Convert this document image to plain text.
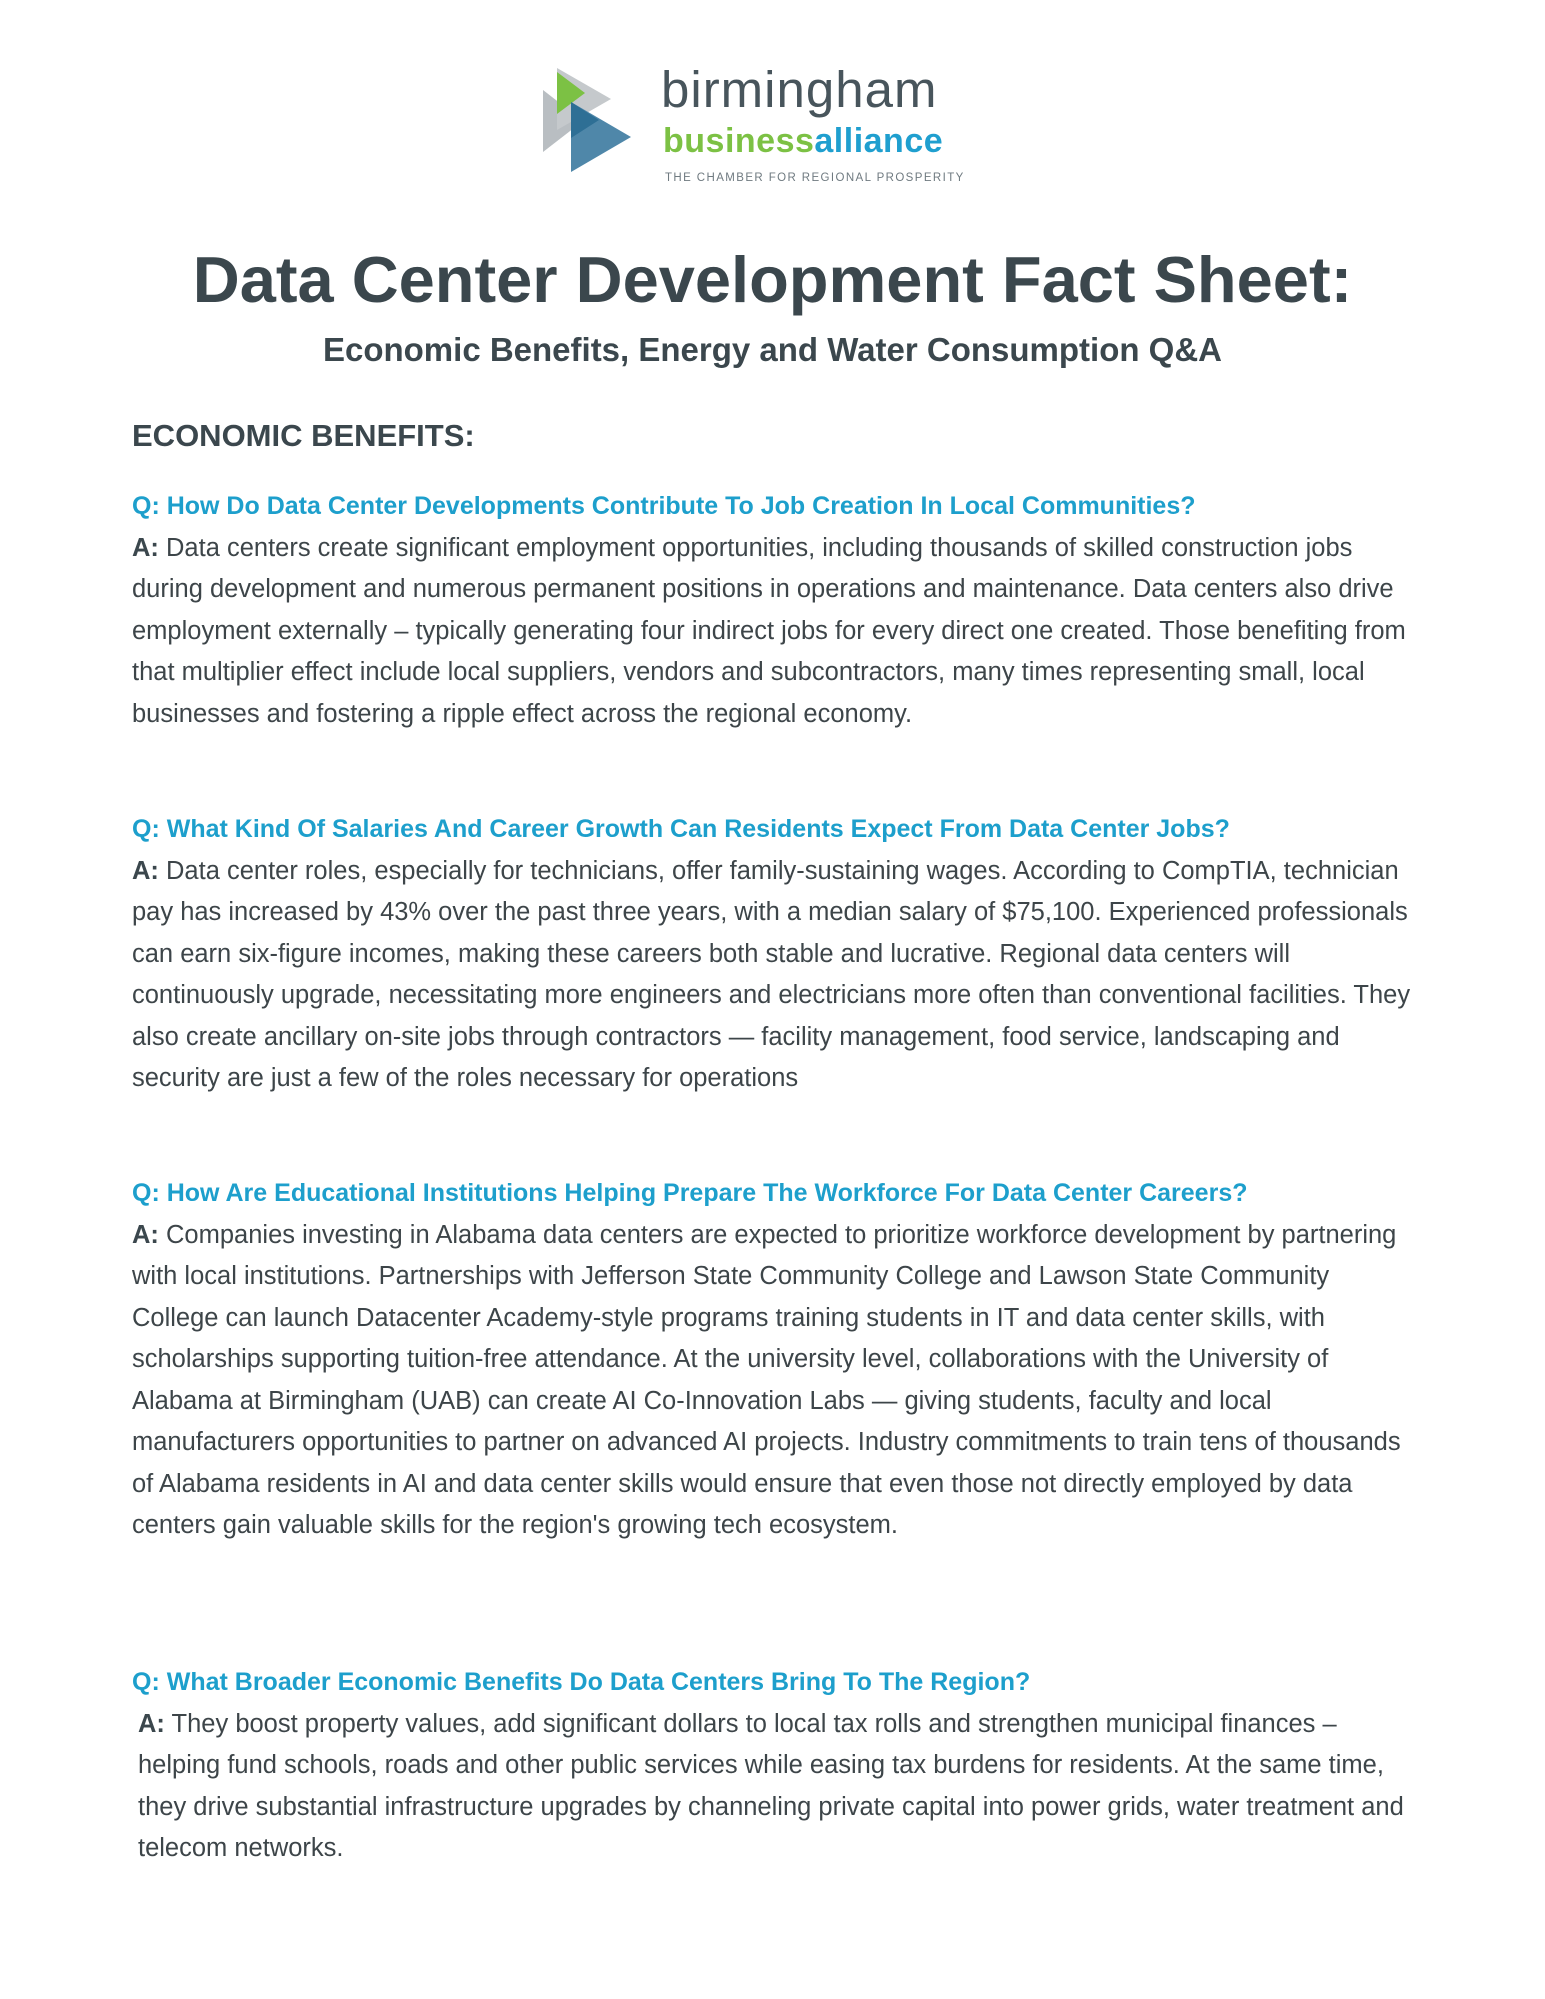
birmingham
businessalliance
THE CHAMBER FOR REGIONAL PROSPERITY
Data Center Development Fact Sheet:
Economic Benefits, Energy and Water Consumption Q&A
ECONOMIC BENEFITS:

Q: How Do Data Center Developments Contribute To Job Creation In Local Communities?

A: Data centers create significant employment opportunities, including thousands of skilled construction jobs during development and numerous permanent positions in operations and maintenance. Data centers also drive employment externally – typically generating four indirect jobs for every direct one created. Those benefiting from that multiplier effect include local suppliers, vendors and subcontractors, many times representing small, local businesses and fostering a ripple effect across the regional economy.

Q: What Kind Of Salaries And Career Growth Can Residents Expect From Data Center Jobs?

A: Data center roles, especially for technicians, offer family-sustaining wages. According to CompTIA, technician pay has increased by 43% over the past three years, with a median salary of $75,100. Experienced professionals can earn six-figure incomes, making these careers both stable and lucrative. Regional data centers will continuously upgrade, necessitating more engineers and electricians more often than conventional facilities. They also create ancillary on-site jobs through contractors — facility management, food service, landscaping and security are just a few of the roles necessary for operations

Q: How Are Educational Institutions Helping Prepare The Workforce For Data Center Careers?

A: Companies investing in Alabama data centers are expected to prioritize workforce development by partnering with local institutions. Partnerships with Jefferson State Community College and Lawson State Community College can launch Datacenter Academy-style programs training students in IT and data center skills, with scholarships supporting tuition-free attendance. At the university level, collaborations with the University of Alabama at Birmingham (UAB) can create AI Co-Innovation Labs — giving students, faculty and local manufacturers opportunities to partner on advanced AI projects. Industry commitments to train tens of thousands of Alabama residents in AI and data center skills would ensure that even those not directly employed by data centers gain valuable skills for the region's growing tech ecosystem.

Q: What Broader Economic Benefits Do Data Centers Bring To The Region?

A: They boost property values, add significant dollars to local tax rolls and strengthen municipal finances – helping fund schools, roads and other public services while easing tax burdens for residents. At the same time, they drive substantial infrastructure upgrades by channeling private capital into power grids, water treatment and telecom networks.
